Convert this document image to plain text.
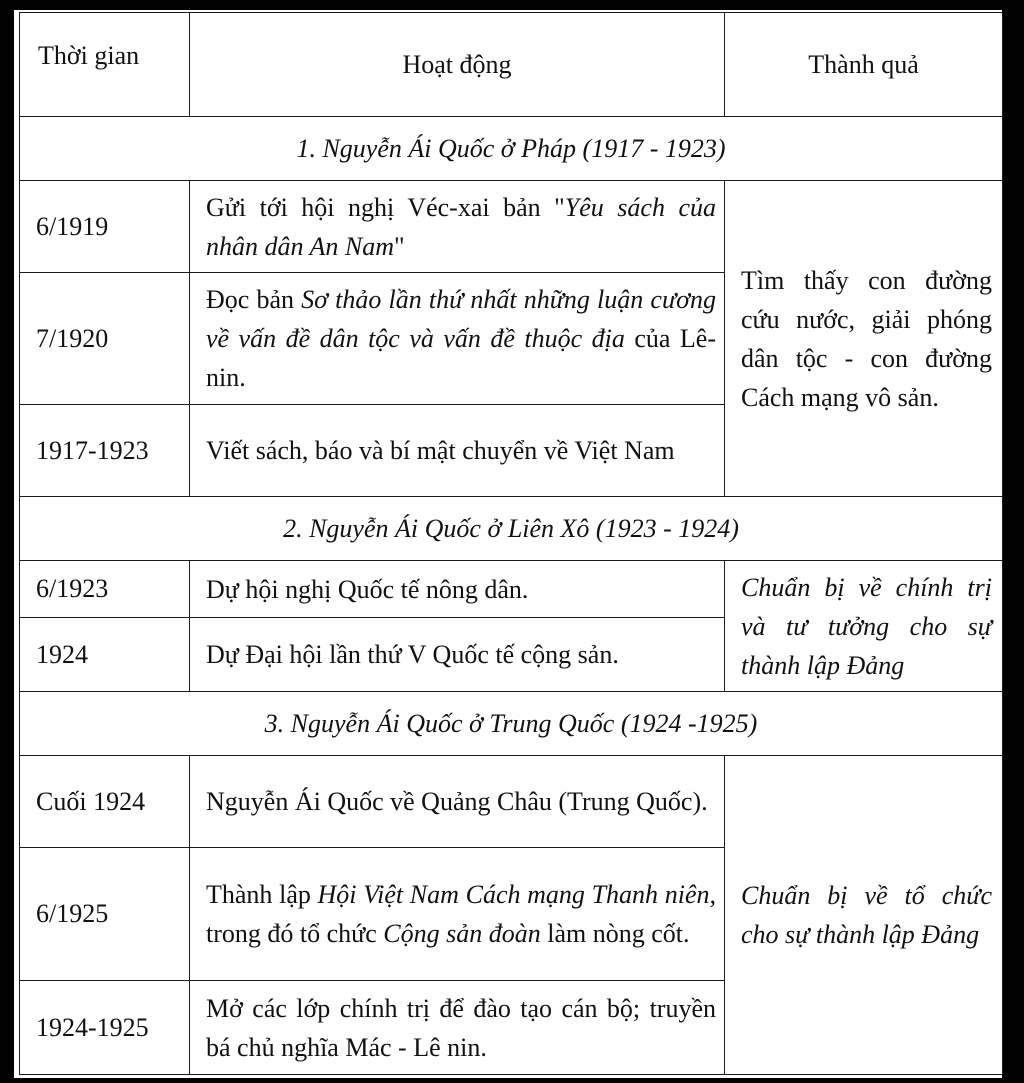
Thời gian	Hoạt động	Thành quả
1. Nguyễn Ái Quốc ở Pháp (1917 - 1923)		
6/1919	Gửi tới hội nghị Véc-xai bản "Yêu sách của nhân dân An Nam"	Tìm thấy con đường cứu nước, giải phóng dân tộc - con đường Cách mạng vô sản.
7/1920	Đọc bản Sơ thảo lần thứ nhất những luận cương về vấn đề dân tộc và vấn đề thuộc địa của Lê-nin.	
1917-1923	Viết sách, báo và bí mật chuyển về Việt Nam	
2. Nguyễn Ái Quốc ở Liên Xô (1923 - 1924)		
6/1923	Dự hội nghị Quốc tế nông dân.	Chuẩn bị về chính trị và tư tưởng cho sự thành lập Đảng
1924	Dự Đại hội lần thứ V Quốc tế cộng sản.	
3. Nguyễn Ái Quốc ở Trung Quốc (1924 -1925)		
Cuối 1924	Nguyễn Ái Quốc về Quảng Châu (Trung Quốc).	Chuẩn bị về tổ chức cho sự thành lập Đảng
6/1925	Thành lập Hội Việt Nam Cách mạng Thanh niên, trong đó tổ chức Cộng sản đoàn làm nòng cốt.	
1924-1925	Mở các lớp chính trị để đào tạo cán bộ; truyền bá chủ nghĩa Mác - Lê nin.	
